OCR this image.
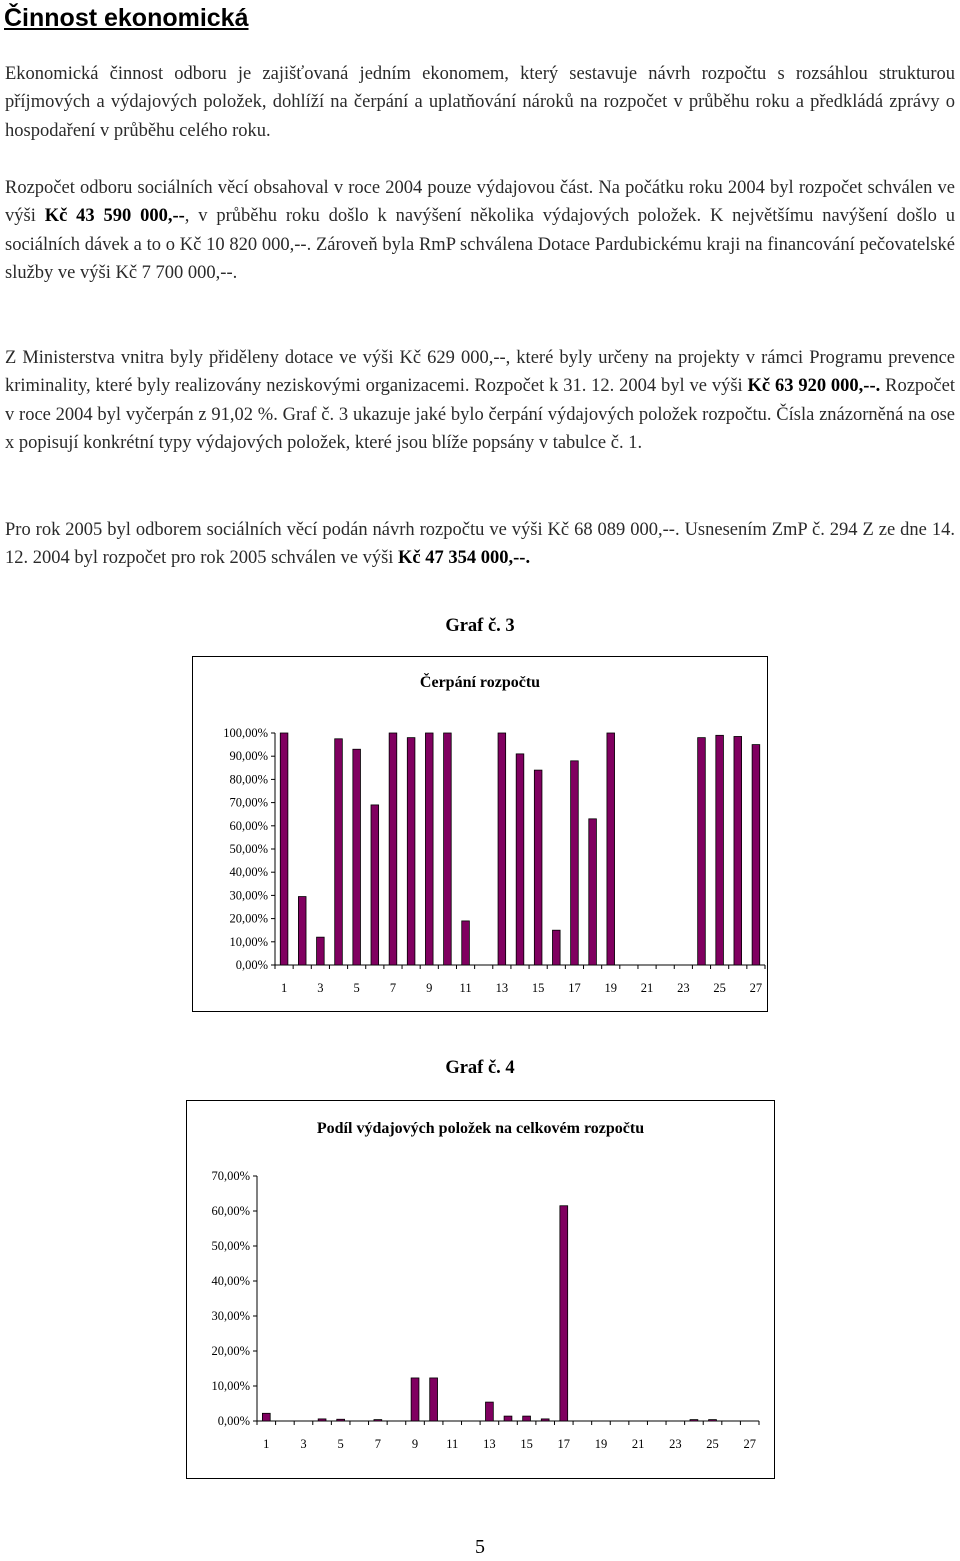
Činnost ekonomická

Ekonomická činnost odboru je zajišťovaná jedním ekonomem, který sestavuje návrh rozpočtu s rozsáhlou strukturou příjmových a výdajových položek, dohlíží na čerpání a uplatňování nároků na rozpočet v průběhu roku a předkládá zprávy o hospodaření v průběhu celého roku.

Rozpočet odboru sociálních věcí obsahoval v roce 2004 pouze výdajovou část. Na počátku roku 2004 byl rozpočet schválen ve výši Kč 43 590 000,--, v průběhu roku došlo k navýšení několika výdajových položek. K největšímu navýšení došlo u sociálních dávek a to o Kč 10 820 000,--. Zároveň byla RmP schválena Dotace Pardubickému kraji na financování pečovatelské služby ve výši Kč 7 700 000,--.

Z Ministerstva vnitra byly přiděleny dotace ve výši Kč 629 000,--, které byly určeny na projekty v rámci Programu prevence kriminality, které byly realizovány neziskovými organizacemi. Rozpočet k 31. 12. 2004 byl ve výši Kč 63 920 000,--. Rozpočet v roce 2004 byl vyčerpán z 91,02 %. Graf č. 3 ukazuje jaké bylo čerpání výdajových položek rozpočtu. Čísla znázorněná na ose x popisují konkrétní typy výdajových položek, které jsou blíže popsány v tabulce č. 1.

Pro rok 2005 byl odborem sociálních věcí podán návrh rozpočtu ve výši Kč 68 089 000,--. Usnesením ZmP č. 294 Z ze dne 14. 12. 2004 byl rozpočet pro rok 2005 schválen ve výši Kč 47 354 000,--.

Graf č. 3

Čerpání rozpočtu
0,00%
10,00%
20,00%
30,00%
40,00%
50,00%
60,00%
70,00%
80,00%
90,00%
100,00%
1 3 5 7 9 11 13 15 17 19 21 23 25 27

Graf č. 4

Podíl výdajových položek na celkovém rozpočtu
0,00%
10,00%
20,00%
30,00%
40,00%
50,00%
60,00%
70,00%
1 3 5 7 9 11 13 15 17 19 21 23 25 27
5
